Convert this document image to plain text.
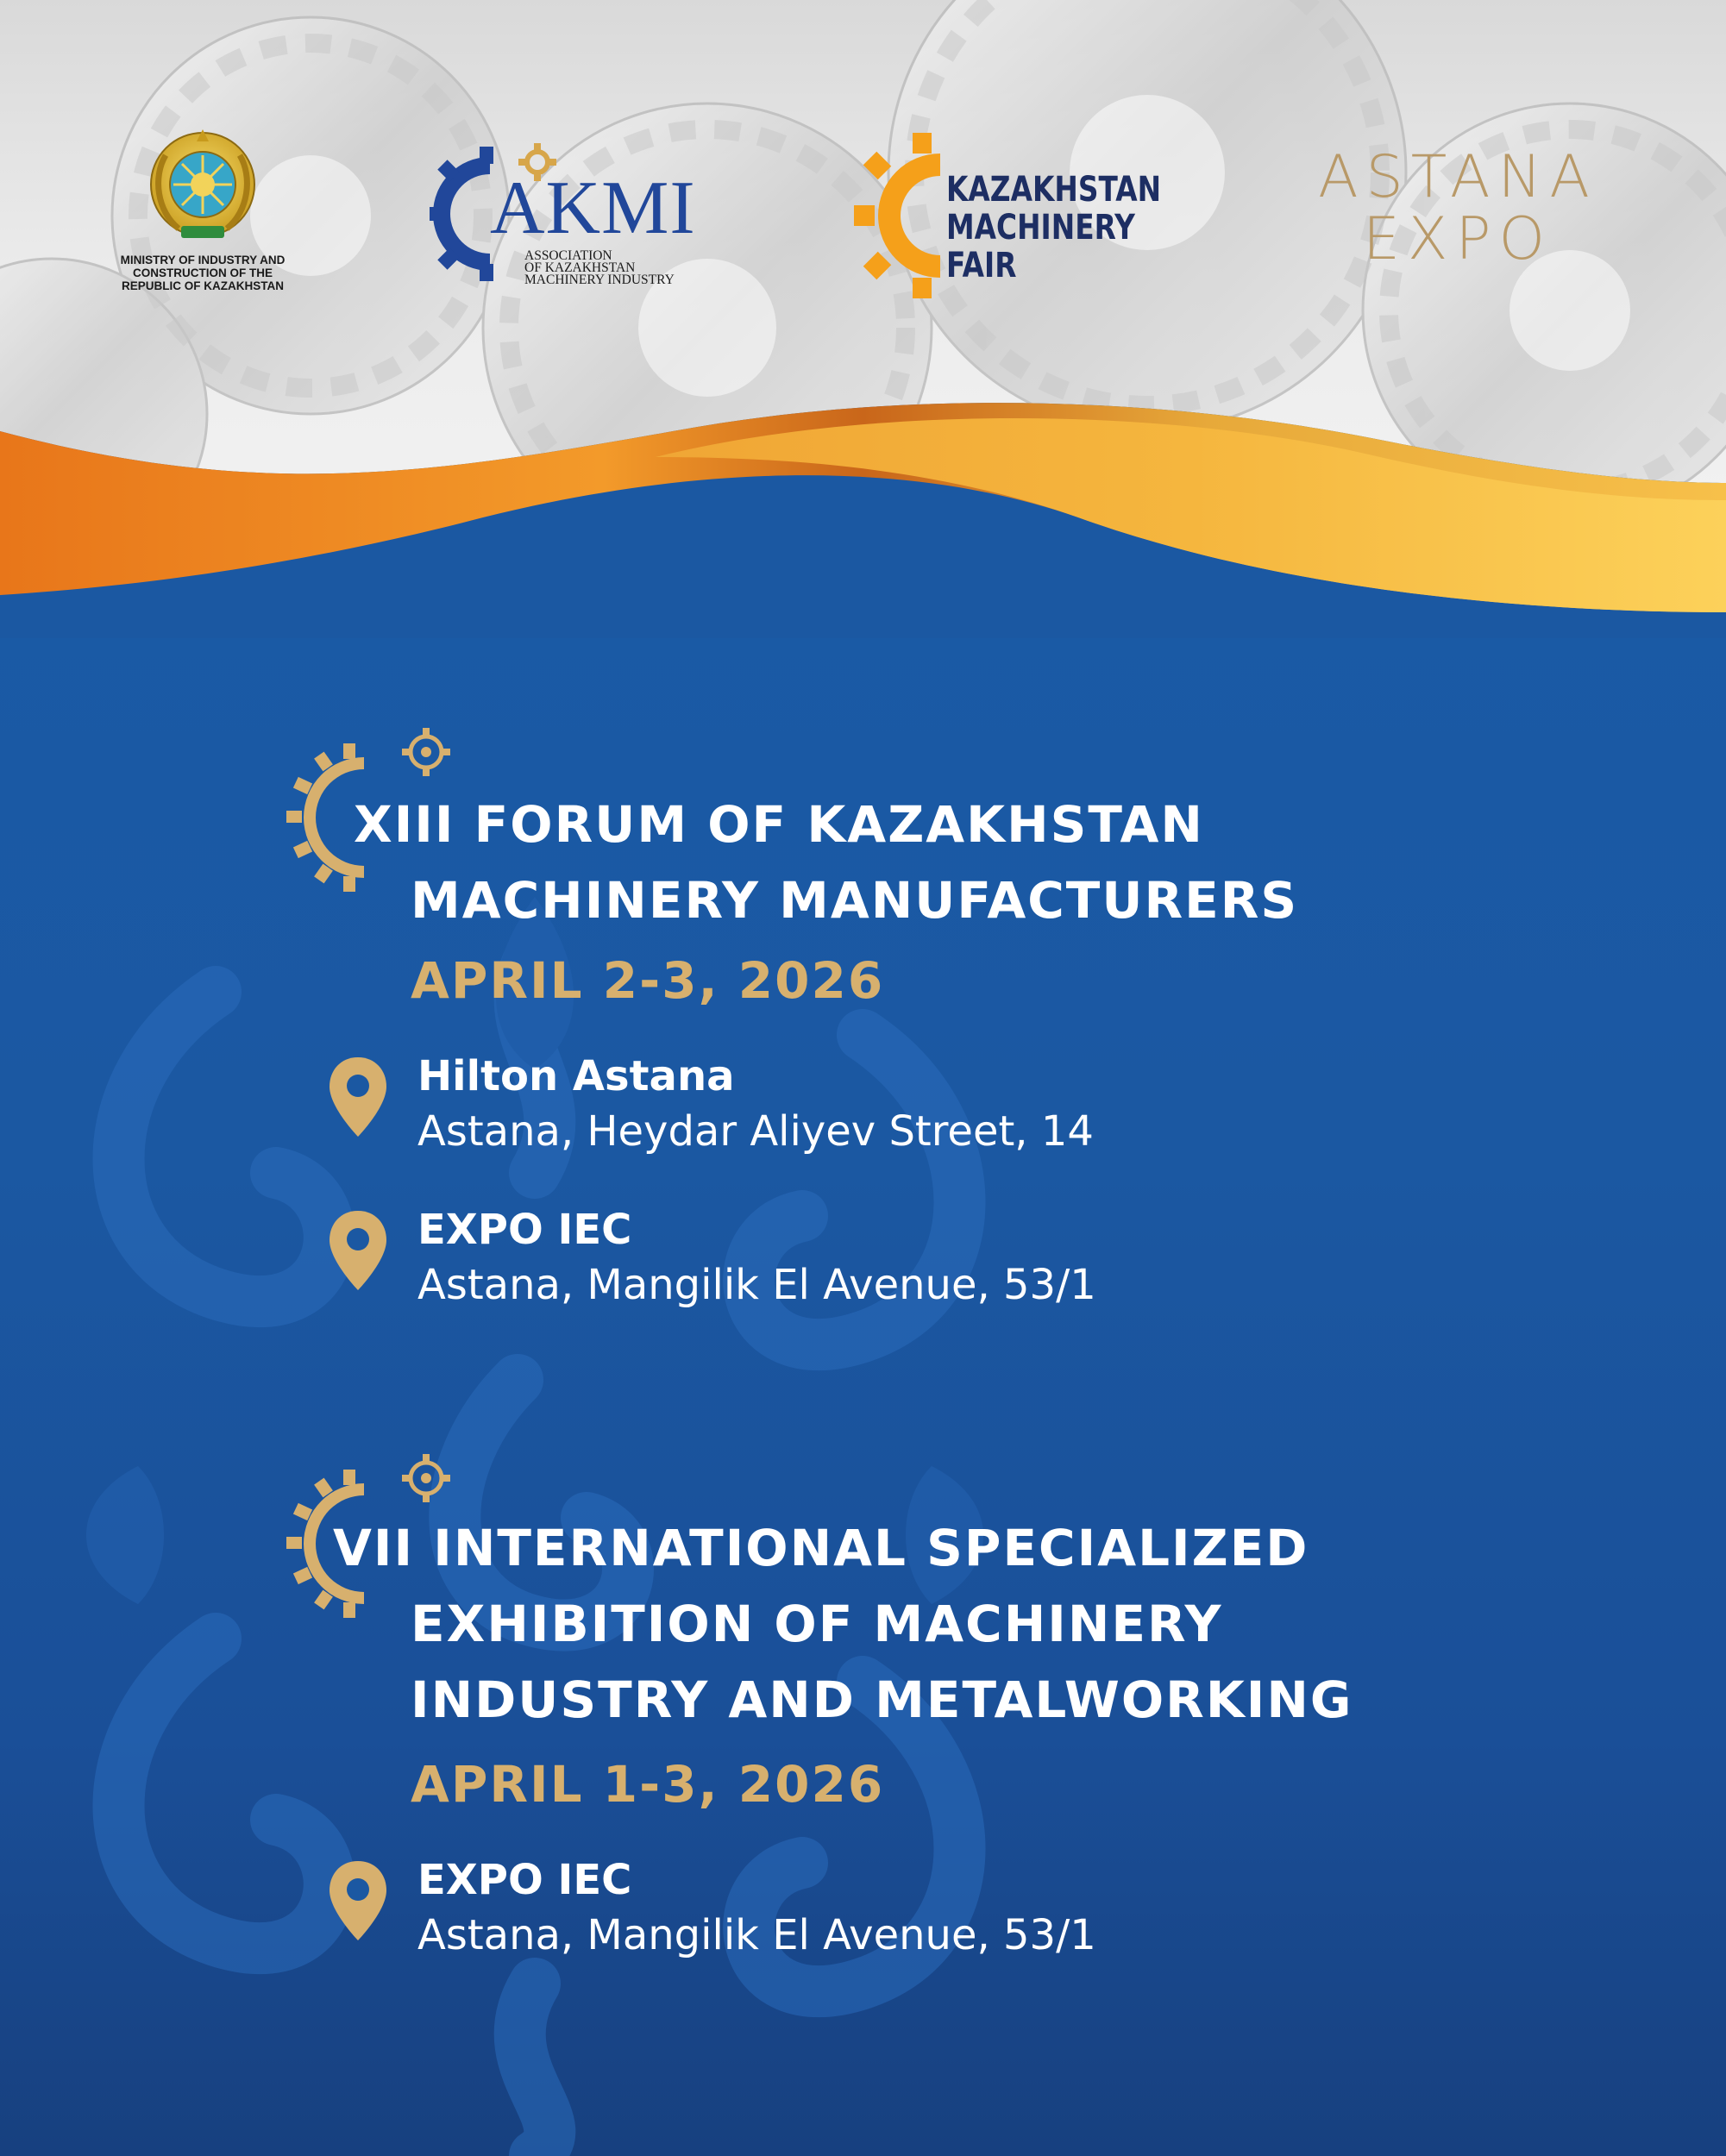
MINISTRY OF INDUSTRY AND
CONSTRUCTION OF THE
REPUBLIC OF KAZAKHSTAN
AKMI
ASSOCIATION
OF KAZAKHSTAN
MACHINERY INDUSTRY
KAZAKHSTAN
MACHINERY FAIR
ASTANA
EXPO
XIII FORUM OF KAZAKHSTAN
MACHINERY MANUFACTURERS
APRIL 2-3, 2026
Hilton Astana
Astana, Heydar Aliyev Street, 14
EXPO IEC
Astana, Mangilik El Avenue, 53/1
VII INTERNATIONAL SPECIALIZED
EXHIBITION OF MACHINERY
INDUSTRY AND METALWORKING
APRIL 1-3, 2026
EXPO IEC
Astana, Mangilik El Avenue, 53/1
